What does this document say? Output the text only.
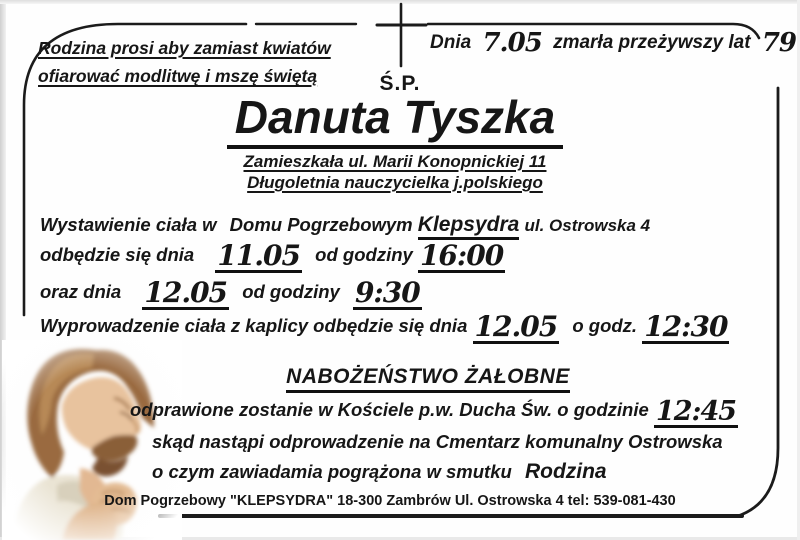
Rodzina prosi aby zamiast kwiatów
ofiarować modlitwę i mszę świętą
Dnia 7.05 zmarła przeżywszy lat 79
Ś.P.
Danuta Tyszka
Zamieszkała ul. Marii Konopnickiej 11
Długoletnia nauczycielka j.polskiego
Wystawienie ciała w Domu Pogrzebowym Klepsydra ul. Ostrowska 4
odbędzie się dnia 11.05 od godziny 16:00
oraz dnia 12.05 od godziny 9:30
Wyprowadzenie ciała z kaplicy odbędzie się dnia 12.05 o godz. 12:30
NABOŻEŃSTWO ŻAŁOBNE
odprawione zostanie w Kościele p.w. Ducha Św. o godzinie 12:45
skąd nastąpi odprowadzenie na Cmentarz komunalny Ostrowska
o czym zawiadamia pogrążona w smutku Rodzina
Dom Pogrzebowy "KLEPSYDRA" 18-300 Zambrów Ul. Ostrowska 4 tel: 539-081-430
